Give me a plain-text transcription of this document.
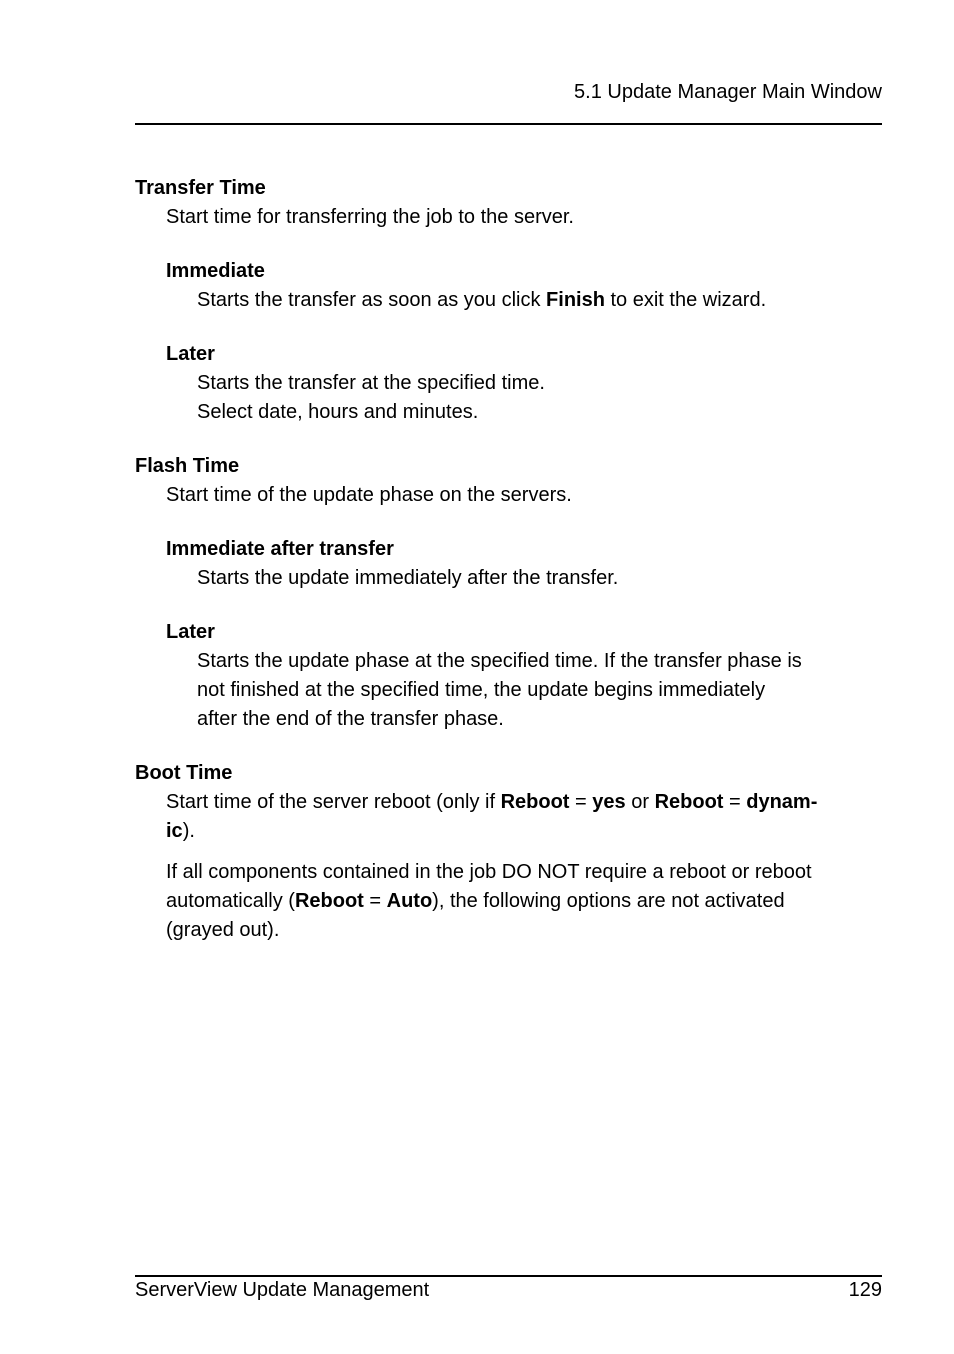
5.1 Update Manager Main Window
Transfer Time
Start time for transferring the job to the server.
Immediate
Starts the transfer as soon as you click Finish to exit the wizard.
Later
Starts the transfer at the specified time.
Select date, hours and minutes.
Flash Time
Start time of the update phase on the servers.
Immediate after transfer
Starts the update immediately after the transfer.
Later
Starts the update phase at the specified time. If the transfer phase is
not finished at the specified time, the update begins immediately
after the end of the transfer phase.
Boot Time
Start time of the server reboot (only if Reboot = yes or Reboot = dynam-
ic).
If all components contained in the job DO NOT require a reboot or reboot
automatically (Reboot = Auto), the following options are not activated
(grayed out).
ServerView Update Management	129
